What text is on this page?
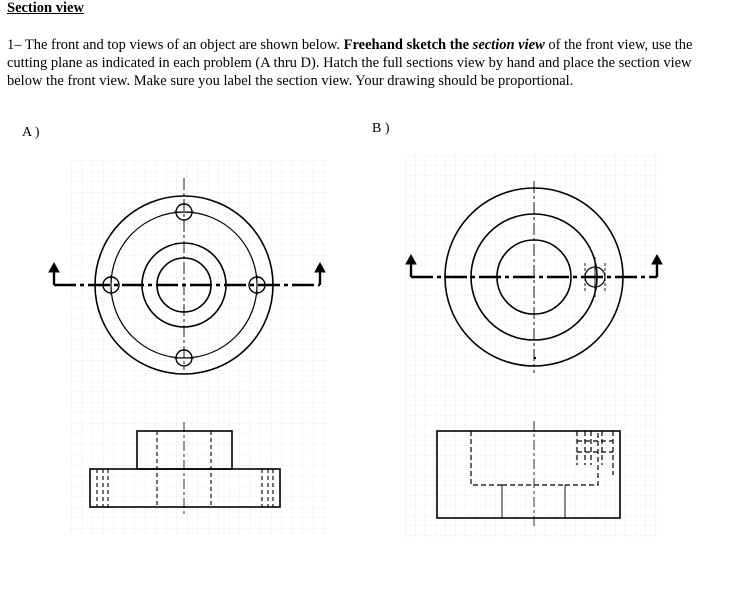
Section view
1– The front and top views of an object are shown below. Freehand sketch the section view of the front view, use the cutting plane as indicated in each problem (A thru D). Hatch the full sections view by hand and place the section view below the front view. Make sure you label the section view. Your drawing should be proportional.
A )	B )
